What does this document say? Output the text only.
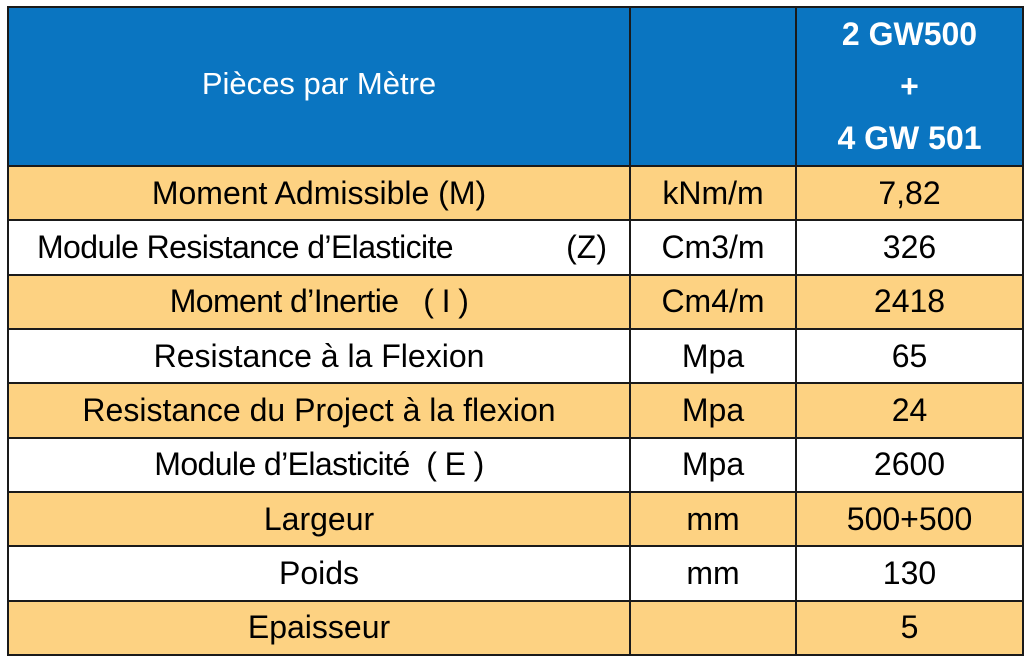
Pièces par Mètre		2 GW500
+
4 GW 501

Moment Admissible (M)	kNm/m	7,82

Module Resistance d’Elasticite (Z)	Cm3/m	326
Moment d’Inertie   ( I )	Cm4/m	2418
Resistance à la Flexion	Mpa	65
Resistance du Project à la flexion	Mpa	24
Module d’Elasticité  ( E )	Mpa	2600
Largeur	mm	500+500
Poids	mm	130
Epaisseur		5
